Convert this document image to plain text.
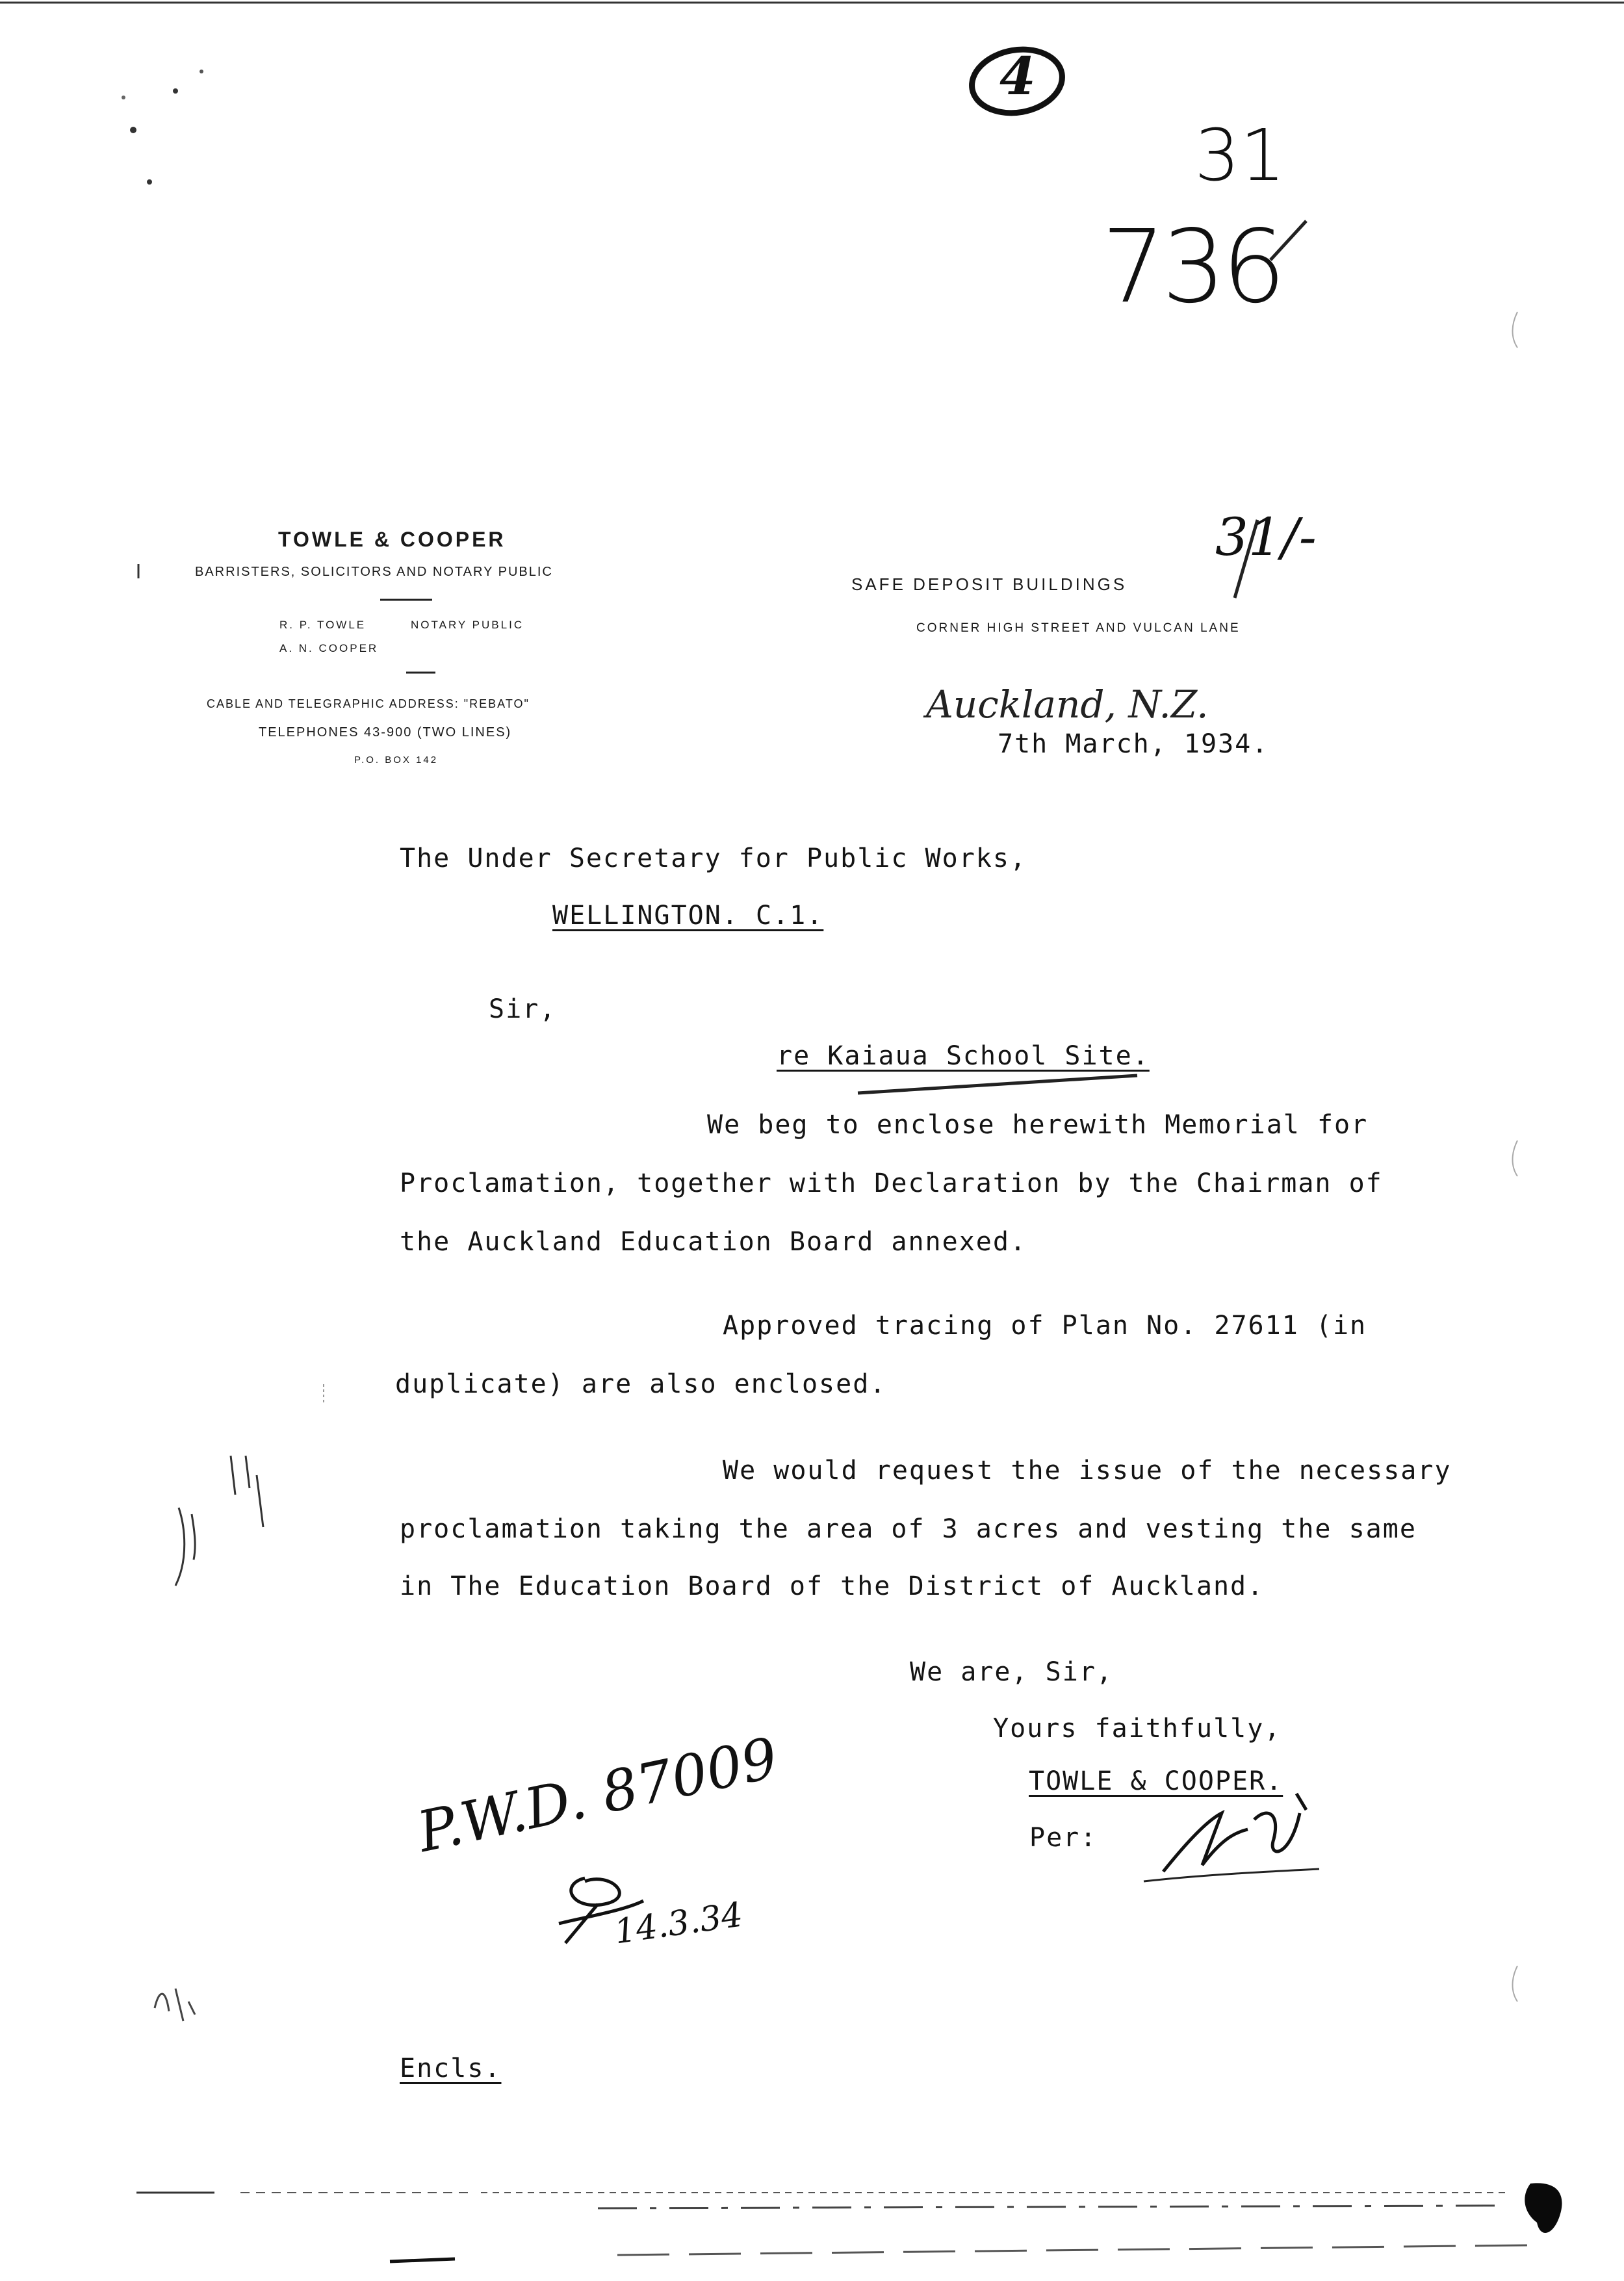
4
31
736
31/-
P.W.D. 87009
14.3.34
TOWLE & COOPER
BARRISTERS, SOLICITORS AND NOTARY PUBLIC
R. P. TOWLE	NOTARY PUBLIC
A. N. COOPER
CABLE AND TELEGRAPHIC ADDRESS: "REBATO"
TELEPHONES 43-900 (TWO LINES)
P.O. BOX 142
SAFE DEPOSIT BUILDINGS
CORNER HIGH STREET AND VULCAN LANE
Auckland, N.Z.
7th March, 1934.
The Under Secretary for Public Works,
WELLINGTON. C.1.
Sir,
re Kaiaua School Site.
We beg to enclose herewith Memorial for
Proclamation, together with Declaration by the Chairman of
the Auckland Education Board annexed.
Approved tracing of Plan No. 27611 (in
duplicate) are also enclosed.
We would request the issue of the necessary
proclamation taking the area of 3 acres and vesting the same
in The Education Board of the District of Auckland.
We are, Sir,
Yours faithfully,
TOWLE & COOPER.
Per:
Encls.
